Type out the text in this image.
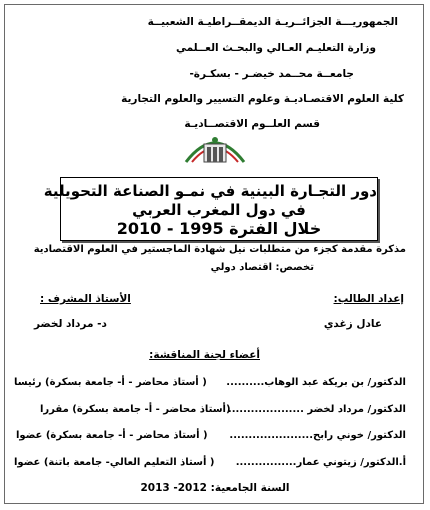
الجمهوريـــة الجزائــريـة الديمقــراطيـة الشعبيــة
وزارة التعليـم العـالي والبحـث العــلمي
جامعــة محــمد خيضـر - بسكـرة-
كلية العلوم الاقتصـاديـة وعلوم التسيير والعلوم التجارية
قسم العلــوم الاقتصــاديـة
دور التجـارة البينية في نمـو الصناعة التحويلية
في دول المغرب العربي
خلال الفترة 1995 - 2010
مذكرة مقدمة كجزء من متطلبات نيل شهادة الماجستير في العلوم الاقتصادية
تخصص: اقتصاد دولي
إعداد الطالب:
الأستاذ المشرف :
عادل زغدي
د- مرداد لخضر
أعضاء لجنة المناقشة:
الدكتور/ بن بريكة عبد الوهاب..........
( أستاذ محاضر - أ- جامعة بسكرة) رئيسا
الدكتور/ مرداد لخضر ....................
(أستاذ محاضر - أ- جامعة بسكرة) مقررا
الدكتور/ خوني رابح......................
( أستاذ محاضر - أ- جامعة بسكرة) عضوا
أ.الدكتور/ زيتوني عمار................
( أستاذ التعليم العالي- جامعة باتنة) عضوا
السنة الجامعية: 2012- 2013
